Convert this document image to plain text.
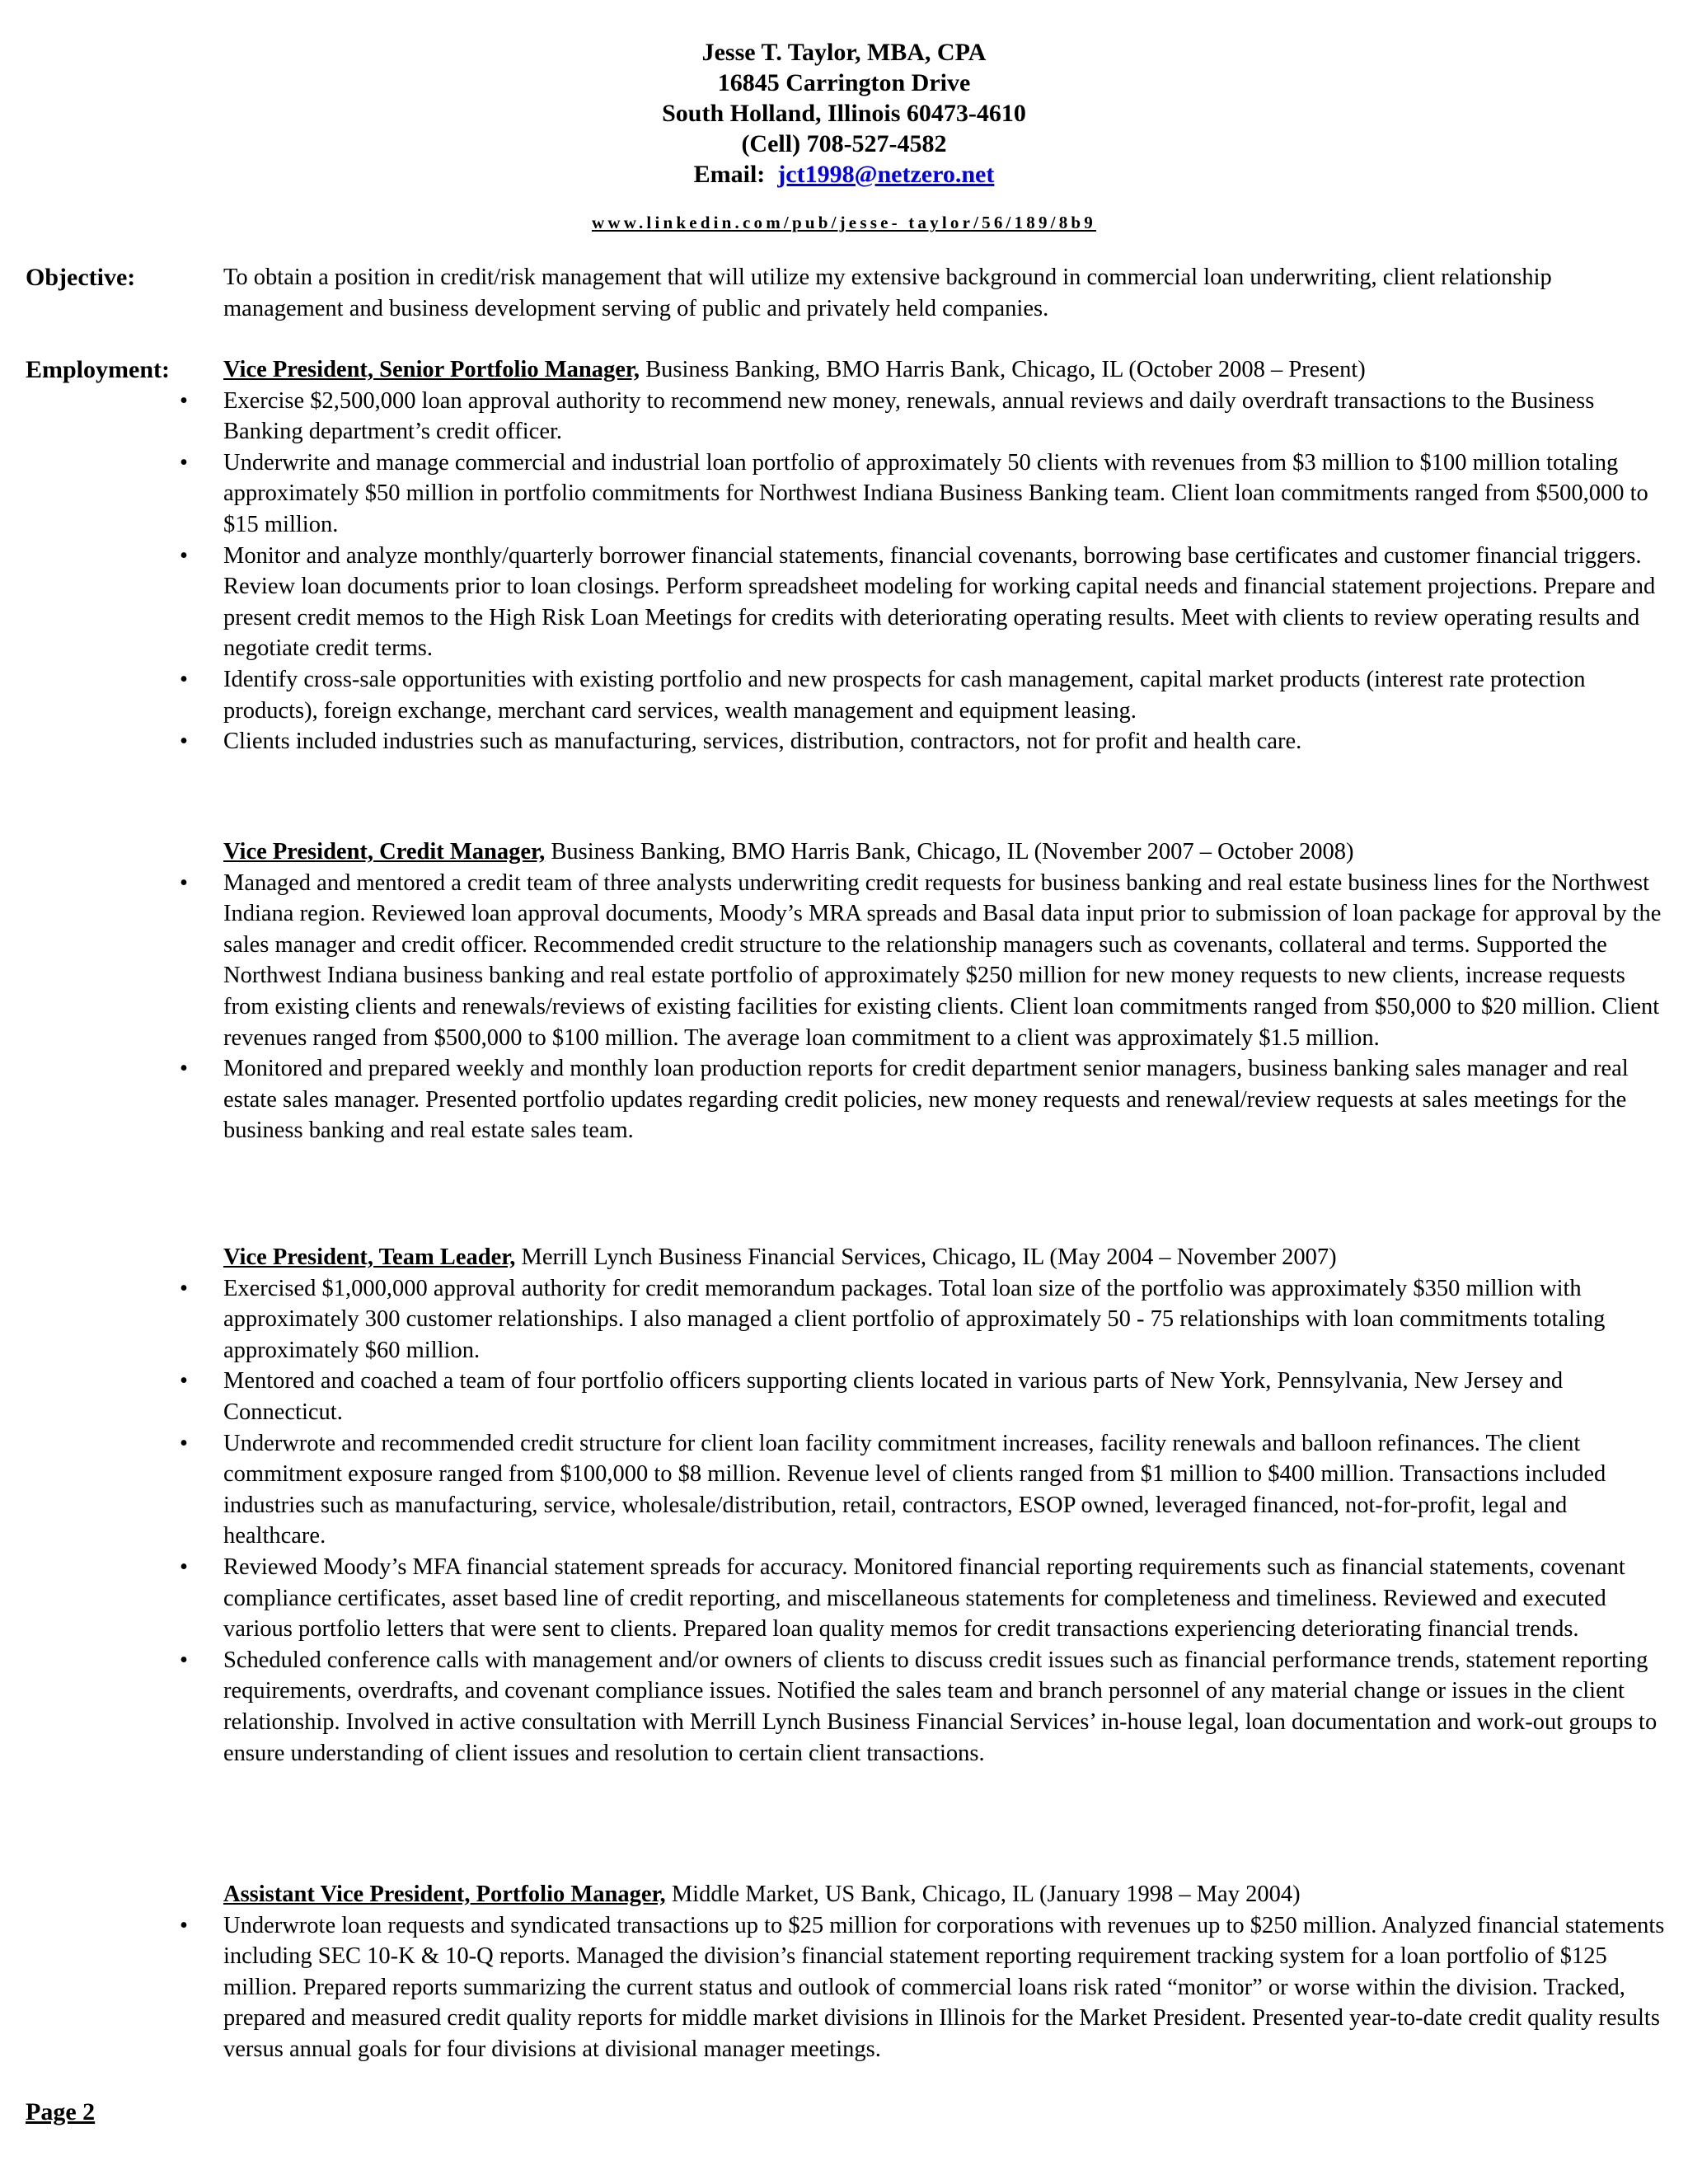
Jesse T. Taylor, MBA, CPA
16845 Carrington Drive
South Holland, Illinois 60473-4610
(Cell) 708-527-4582
Email: jct1998@netzero.net
www.linkedin.com/pub/jesse- taylor/56/189/8b9
Objective:	To obtain a position in credit/risk management that will utilize my extensive background in commercial loan underwriting, client relationship management and business development serving of public and privately held companies.
Employment: Vice President, Senior Portfolio Manager, Business Banking, BMO Harris Bank, Chicago, IL (October 2008 – Present)
• Exercise $2,500,000 loan approval authority to recommend new money, renewals, annual reviews and daily overdraft transactions to the Business Banking department’s credit officer.
• Underwrite and manage commercial and industrial loan portfolio of approximately 50 clients with revenues from $3 million to $100 million totaling approximately $50 million in portfolio commitments for Northwest Indiana Business Banking team. Client loan commitments ranged from $500,000 to $15 million.
• Monitor and analyze monthly/quarterly borrower financial statements, financial covenants, borrowing base certificates and customer financial triggers. Review loan documents prior to loan closings. Perform spreadsheet modeling for working capital needs and financial statement projections. Prepare and present credit memos to the High Risk Loan Meetings for credits with deteriorating operating results. Meet with clients to review operating results and negotiate credit terms.
• Identify cross-sale opportunities with existing portfolio and new prospects for cash management, capital market products (interest rate protection products), foreign exchange, merchant card services, wealth management and equipment leasing.
• Clients included industries such as manufacturing, services, distribution, contractors, not for profit and health care.
Vice President, Credit Manager, Business Banking, BMO Harris Bank, Chicago, IL (November 2007 – October 2008)
• Managed and mentored a credit team of three analysts underwriting credit requests for business banking and real estate business lines for the Northwest Indiana region. Reviewed loan approval documents, Moody’s MRA spreads and Basal data input prior to submission of loan package for approval by the sales manager and credit officer. Recommended credit structure to the relationship managers such as covenants, collateral and terms. Supported the Northwest Indiana business banking and real estate portfolio of approximately $250 million for new money requests to new clients, increase requests from existing clients and renewals/reviews of existing facilities for existing clients. Client loan commitments ranged from $50,000 to $20 million. Client revenues ranged from $500,000 to $100 million. The average loan commitment to a client was approximately $1.5 million.
• Monitored and prepared weekly and monthly loan production reports for credit department senior managers, business banking sales manager and real estate sales manager. Presented portfolio updates regarding credit policies, new money requests and renewal/review requests at sales meetings for the business banking and real estate sales team.
Vice President, Team Leader, Merrill Lynch Business Financial Services, Chicago, IL (May 2004 – November 2007)
• Exercised $1,000,000 approval authority for credit memorandum packages. Total loan size of the portfolio was approximately $350 million with approximately 300 customer relationships. I also managed a client portfolio of approximately 50 - 75 relationships with loan commitments totaling approximately $60 million.
• Mentored and coached a team of four portfolio officers supporting clients located in various parts of New York, Pennsylvania, New Jersey and Connecticut.
• Underwrote and recommended credit structure for client loan facility commitment increases, facility renewals and balloon refinances. The client commitment exposure ranged from $100,000 to $8 million. Revenue level of clients ranged from $1 million to $400 million. Transactions included industries such as manufacturing, service, wholesale/distribution, retail, contractors, ESOP owned, leveraged financed, not-for-profit, legal and healthcare.
• Reviewed Moody’s MFA financial statement spreads for accuracy. Monitored financial reporting requirements such as financial statements, covenant compliance certificates, asset based line of credit reporting, and miscellaneous statements for completeness and timeliness. Reviewed and executed various portfolio letters that were sent to clients. Prepared loan quality memos for credit transactions experiencing deteriorating financial trends.
• Scheduled conference calls with management and/or owners of clients to discuss credit issues such as financial performance trends, statement reporting requirements, overdrafts, and covenant compliance issues. Notified the sales team and branch personnel of any material change or issues in the client relationship. Involved in active consultation with Merrill Lynch Business Financial Services’ in-house legal, loan documentation and work-out groups to ensure understanding of client issues and resolution to certain client transactions.
Assistant Vice President, Portfolio Manager, Middle Market, US Bank, Chicago, IL (January 1998 – May 2004)
• Underwrote loan requests and syndicated transactions up to $25 million for corporations with revenues up to $250 million. Analyzed financial statements including SEC 10-K & 10-Q reports. Managed the division’s financial statement reporting requirement tracking system for a loan portfolio of $125 million. Prepared reports summarizing the current status and outlook of commercial loans risk rated “monitor” or worse within the division. Tracked, prepared and measured credit quality reports for middle market divisions in Illinois for the Market President. Presented year-to-date credit quality results versus annual goals for four divisions at divisional manager meetings.
Page 2
